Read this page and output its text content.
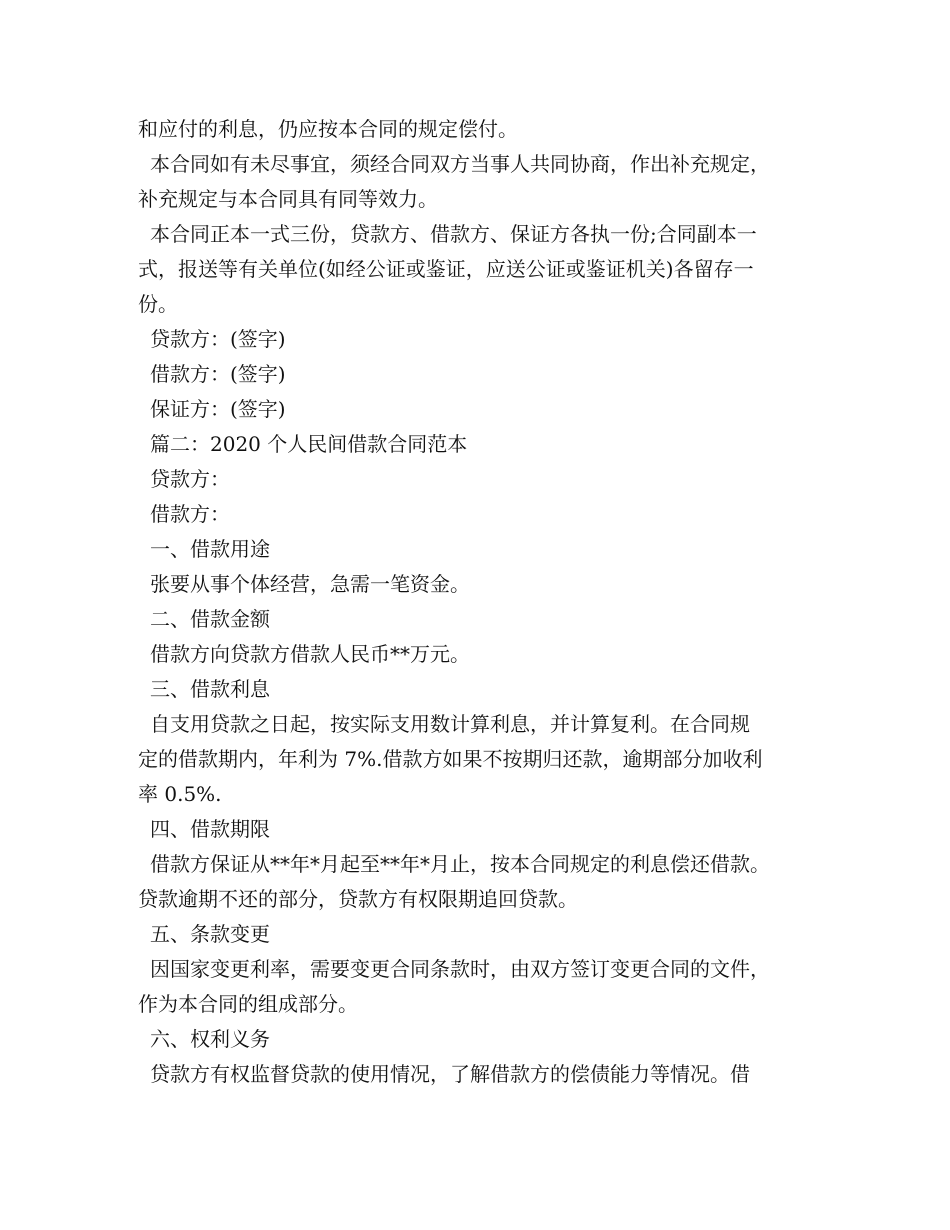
和应付的利息，仍应按本合同的规定偿付。
本合同如有未尽事宜，须经合同双方当事人共同协商，作出补充规定，
补充规定与本合同具有同等效力。
本合同正本一式三份，贷款方、借款方、保证方各执一份;合同副本一
式，报送等有关单位(如经公证或鉴证，应送公证或鉴证机关)各留存一
份。
贷款方：(签字)
借款方：(签字)
保证方：(签字)
篇二：2020 个人民间借款合同范本
贷款方：
借款方：
一、借款用途
张要从事个体经营，急需一笔资金。
二、借款金额
借款方向贷款方借款人民币**万元。
三、借款利息
自支用贷款之日起，按实际支用数计算利息，并计算复利。在合同规
定的借款期内，年利为 7%.借款方如果不按期归还款，逾期部分加收利
率 0.5%.
四、借款期限
借款方保证从**年*月起至**年*月止，按本合同规定的利息偿还借款。
贷款逾期不还的部分，贷款方有权限期追回贷款。
五、条款变更
因国家变更利率，需要变更合同条款时，由双方签订变更合同的文件，
作为本合同的组成部分。
六、权利义务
贷款方有权监督贷款的使用情况，了解借款方的偿债能力等情况。借
